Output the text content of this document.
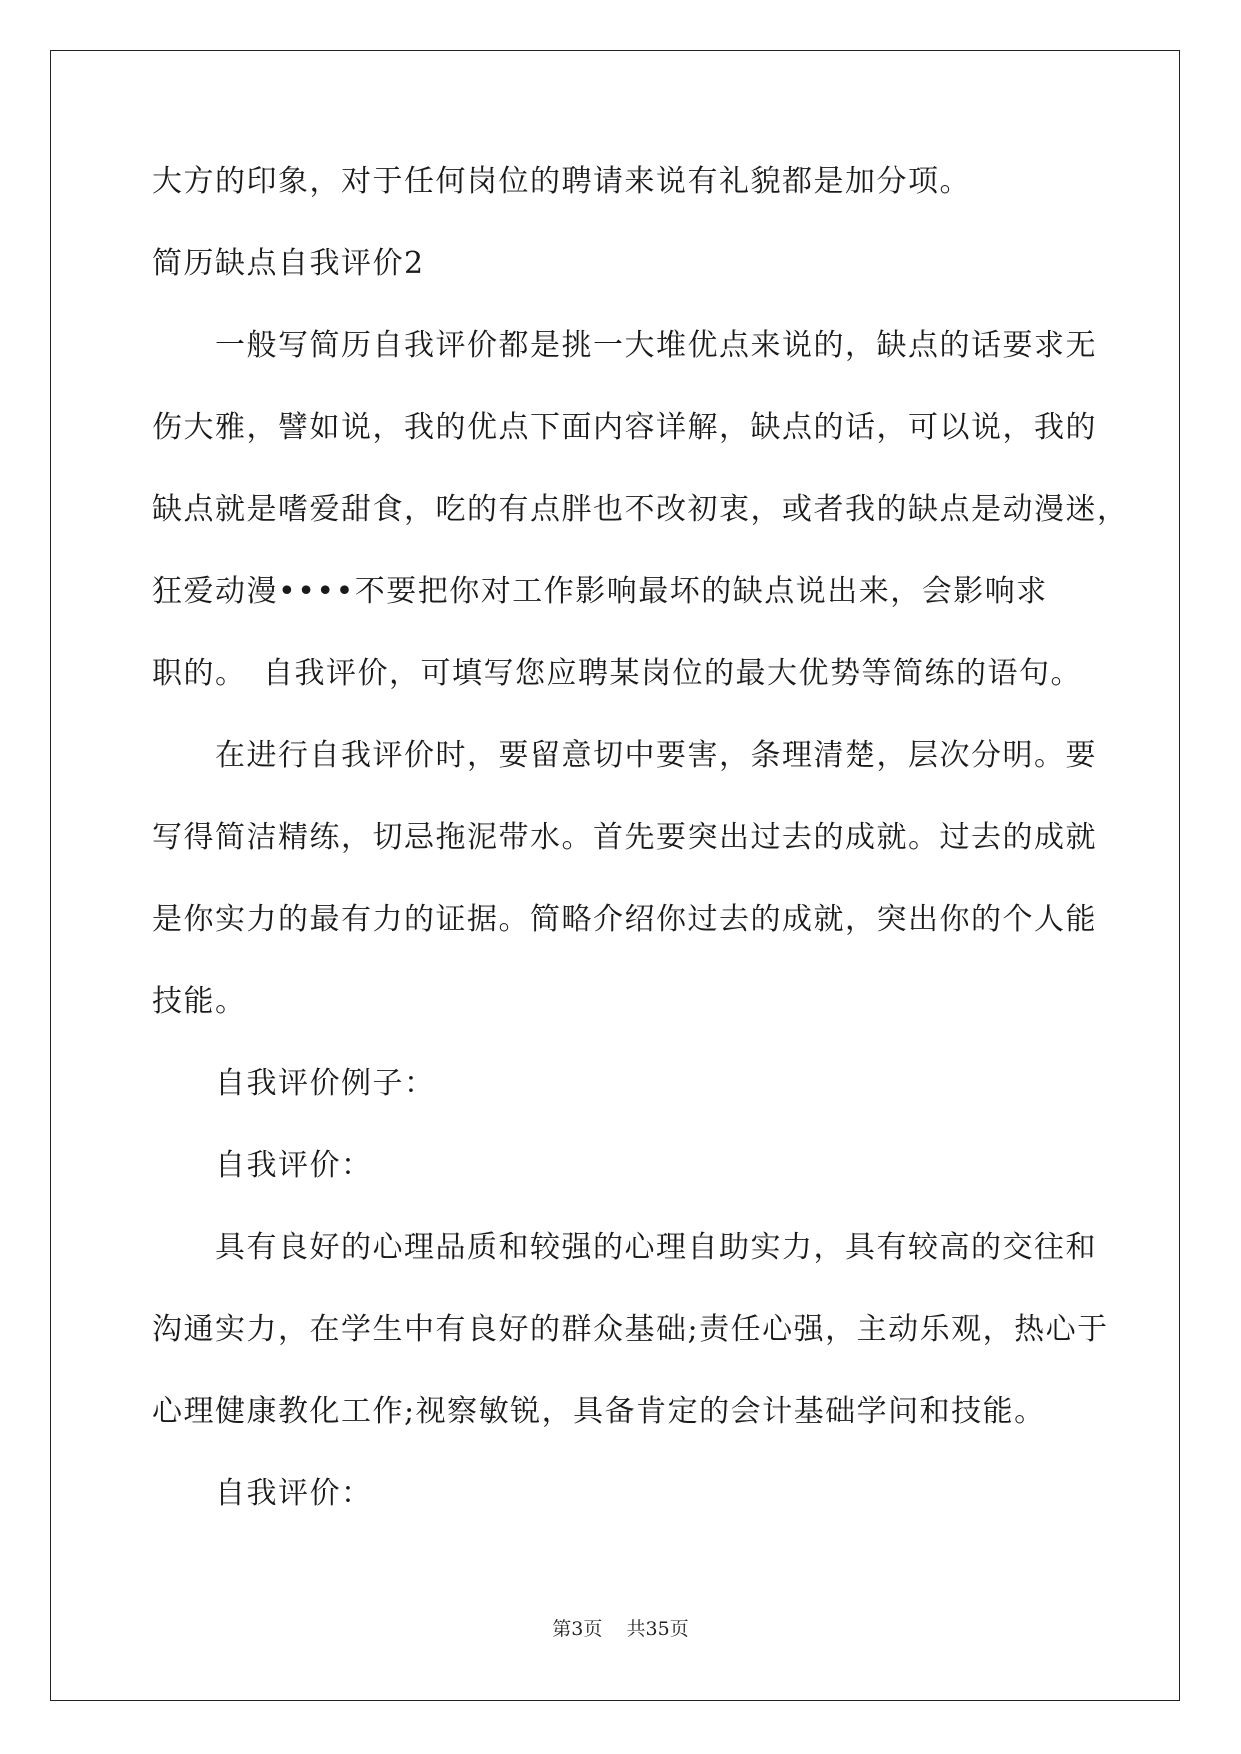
大方的印象，对于任何岗位的聘请来说有礼貌都是加分项。

简历缺点自我评价2

　　一般写简历自我评价都是挑一大堆优点来说的，缺点的话要求无

伤大雅，譬如说，我的优点下面内容详解，缺点的话，可以说，我的

缺点就是嗜爱甜食，吃的有点胖也不改初衷，或者我的缺点是动漫迷，

狂爱动漫••••不要把你对工作影响最坏的缺点说出来，会影响求

职的。　自我评价，可填写您应聘某岗位的最大优势等简练的语句。

　　在进行自我评价时，要留意切中要害，条理清楚，层次分明。要

写得简洁精练，切忌拖泥带水。首先要突出过去的成就。过去的成就

是你实力的最有力的证据。简略介绍你过去的成就，突出你的个人能

技能。

　　自我评价例子：

　　自我评价：

　　具有良好的心理品质和较强的心理自助实力，具有较高的交往和

沟通实力，在学生中有良好的群众基础;责任心强，主动乐观，热心于

心理健康教化工作;视察敏锐，具备肯定的会计基础学问和技能。

　　自我评价：

第3页 共35页
